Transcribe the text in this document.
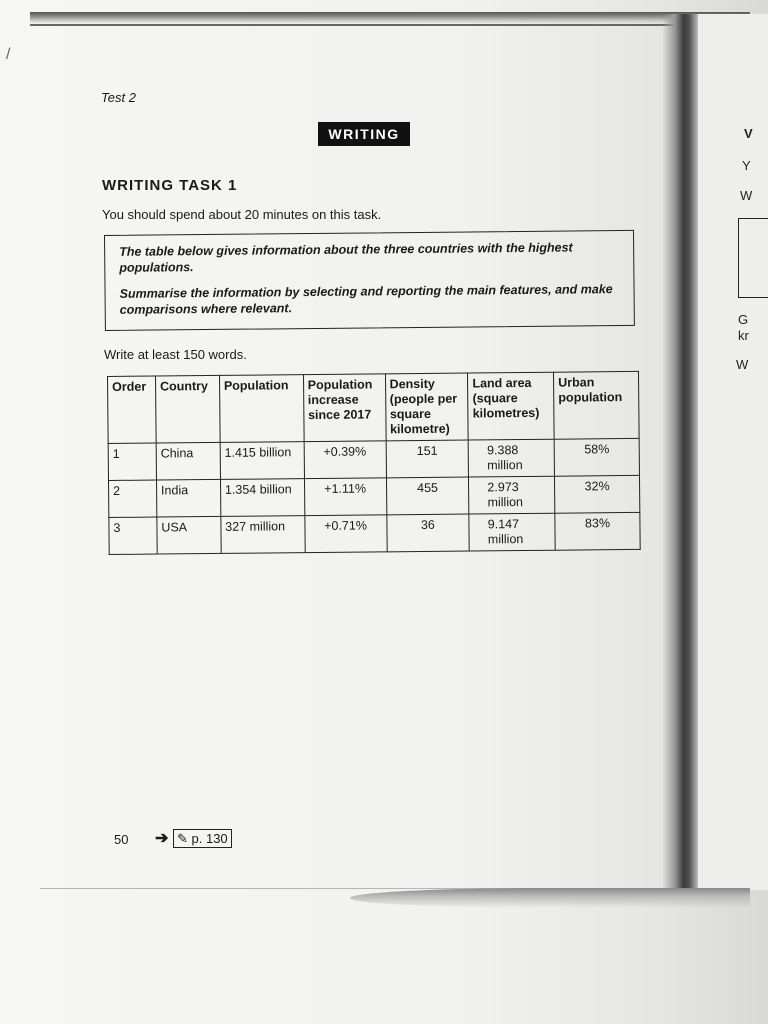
/
Test 2
WRITING
WRITING TASK 1
You should spend about 20 minutes on this task.

The table below gives information about the three countries with the highest populations.

Summarise the information by selecting and reporting the main features, and make comparisons where relevant.

Write at least 150 words.
Order	Country	Population	Population increase since 2017	Density (people per square kilometre)	Land area (square kilometres)	Urban population
1	China	1.415 billion	+0.39%	151	9.388 million	58%
2	India	1.354 billion	+1.11%	455	2.973 million	32%
3	USA	327 million	+0.71%	36	9.147 million	83%
50 ➔ ✎ p. 130
V
Y
W
G
kr
W
